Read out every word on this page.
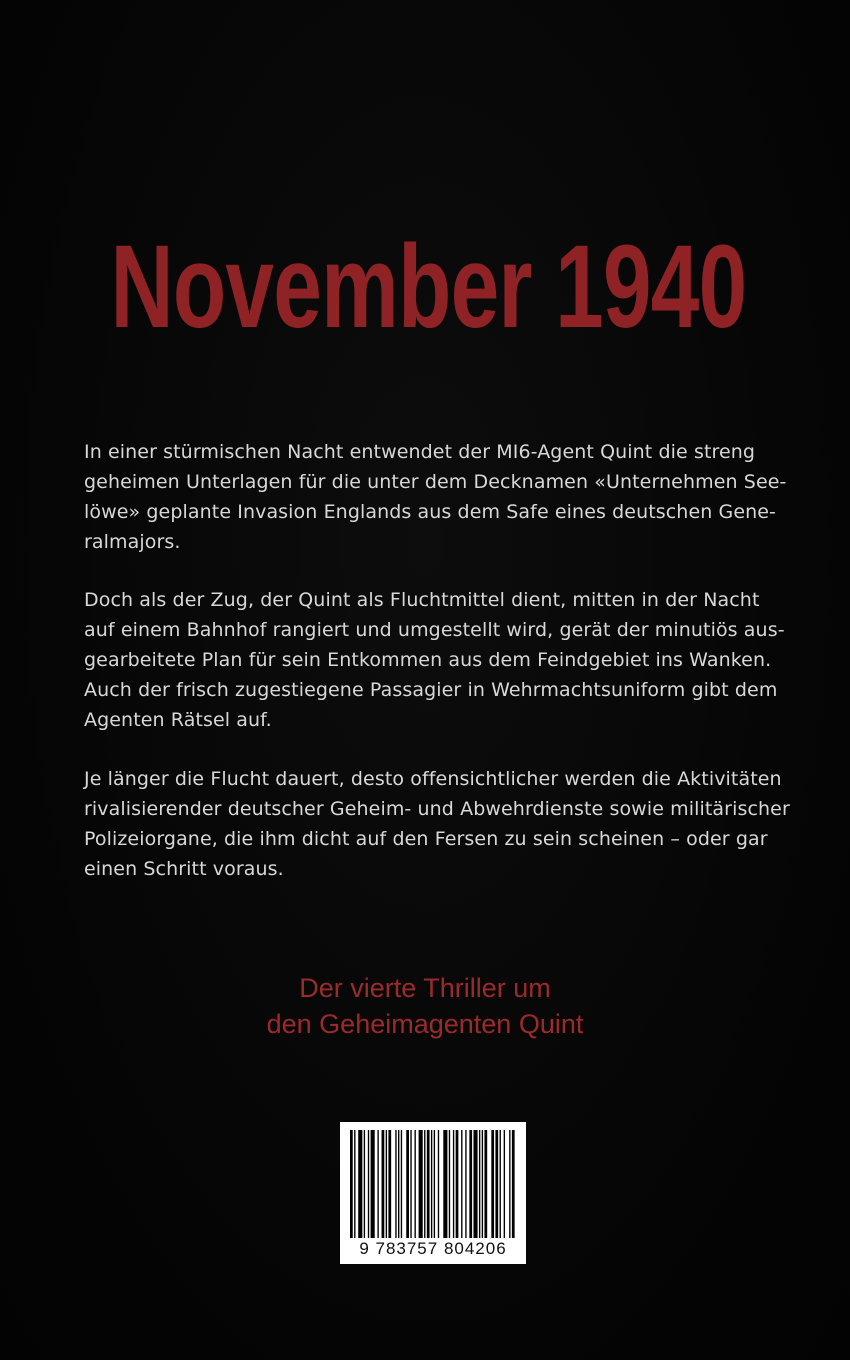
November 1940

In einer stürmischen Nacht entwendet der MI6-Agent Quint die streng
geheimen Unterlagen für die unter dem Decknamen «Unternehmen See-
löwe» geplante Invasion Englands aus dem Safe eines deutschen Gene-
ralmajors.

Doch als der Zug, der Quint als Fluchtmittel dient, mitten in der Nacht
auf einem Bahnhof rangiert und umgestellt wird, gerät der minutiös aus-
gearbeitete Plan für sein Entkommen aus dem Feindgebiet ins Wanken.
Auch der frisch zugestiegene Passagier in Wehrmachtsuniform gibt dem
Agenten Rätsel auf.

Je länger die Flucht dauert, desto offensichtlicher werden die Aktivitäten
rivalisierender deutscher Geheim- und Abwehrdienste sowie militärischer
Polizeiorgane, die ihm dicht auf den Fersen zu sein scheinen – oder gar
einen Schritt voraus.

Der vierte Thriller um
den Geheimagenten Quint
9 783757 804206
